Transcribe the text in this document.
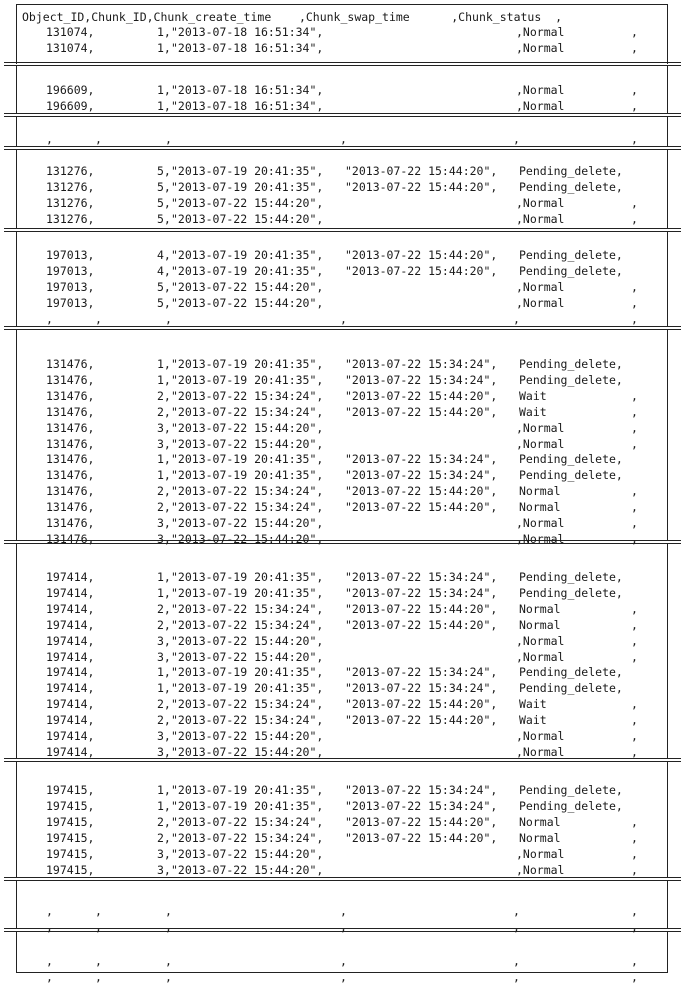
Object_ID,Chunk_ID,Chunk_create_time    ,Chunk_swap_time      ,Chunk_status  ,
131074,	1, "2013-07-18 16:51:34",	,Normal	,
131074,	1, "2013-07-18 16:51:34",	,Normal	,
196609,	1, "2013-07-18 16:51:34",	,Normal	,
196609,	1, "2013-07-18 16:51:34",	,Normal	,
,	,	,	,	,	,
131276,	5, "2013-07-19 20:41:35", "2013-07-22 15:44:20", Pending_delete,
131276,	5, "2013-07-19 20:41:35", "2013-07-22 15:44:20", Pending_delete,
131276,	5, "2013-07-22 15:44:20",	,Normal	,
131276,	5, "2013-07-22 15:44:20",	,Normal	,
197013,	4, "2013-07-19 20:41:35", "2013-07-22 15:44:20", Pending_delete,
197013,	4, "2013-07-19 20:41:35", "2013-07-22 15:44:20", Pending_delete,
197013,	5, "2013-07-22 15:44:20",	,Normal	,
197013,	5, "2013-07-22 15:44:20",	,Normal	,
,	,	,	,	,	,
131476,	1, "2013-07-19 20:41:35", "2013-07-22 15:34:24", Pending_delete,
131476,	1, "2013-07-19 20:41:35", "2013-07-22 15:34:24", Pending_delete,
131476,	2, "2013-07-22 15:34:24", "2013-07-22 15:44:20", Wait	,
131476,	2, "2013-07-22 15:34:24", "2013-07-22 15:44:20", Wait	,
131476,	3, "2013-07-22 15:44:20",	,Normal	,
131476,	3, "2013-07-22 15:44:20",	,Normal	,
131476,	1, "2013-07-19 20:41:35", "2013-07-22 15:34:24", Pending_delete,
131476,	1, "2013-07-19 20:41:35", "2013-07-22 15:34:24", Pending_delete,
131476,	2, "2013-07-22 15:34:24", "2013-07-22 15:44:20", Normal	,
131476,	2, "2013-07-22 15:34:24", "2013-07-22 15:44:20", Normal	,
131476,	3, "2013-07-22 15:44:20",	,Normal	,
131476,	3, "2013-07-22 15:44:20",	,Normal	,
197414,	1, "2013-07-19 20:41:35", "2013-07-22 15:34:24", Pending_delete,
197414,	1, "2013-07-19 20:41:35", "2013-07-22 15:34:24", Pending_delete,
197414,	2, "2013-07-22 15:34:24", "2013-07-22 15:44:20", Normal	,
197414,	2, "2013-07-22 15:34:24", "2013-07-22 15:44:20", Normal	,
197414,	3, "2013-07-22 15:44:20",	,Normal	,
197414,	3, "2013-07-22 15:44:20",	,Normal	,
197414,	1, "2013-07-19 20:41:35", "2013-07-22 15:34:24", Pending_delete,
197414,	1, "2013-07-19 20:41:35", "2013-07-22 15:34:24", Pending_delete,
197414,	2, "2013-07-22 15:34:24", "2013-07-22 15:44:20", Wait	,
197414,	2, "2013-07-22 15:34:24", "2013-07-22 15:44:20", Wait	,
197414,	3, "2013-07-22 15:44:20",	,Normal	,
197414,	3, "2013-07-22 15:44:20",	,Normal	,
197415,	1, "2013-07-19 20:41:35", "2013-07-22 15:34:24", Pending_delete,
197415,	1, "2013-07-19 20:41:35", "2013-07-22 15:34:24", Pending_delete,
197415,	2, "2013-07-22 15:34:24", "2013-07-22 15:44:20", Normal	,
197415,	2, "2013-07-22 15:34:24", "2013-07-22 15:44:20", Normal	,
197415,	3, "2013-07-22 15:44:20",	,Normal	,
197415,	3, "2013-07-22 15:44:20",	,Normal	,
,	,	,	,	,	,
,	,	,	,	,	,
,	,	,	,	,	,
,	,	,	,	,	,
